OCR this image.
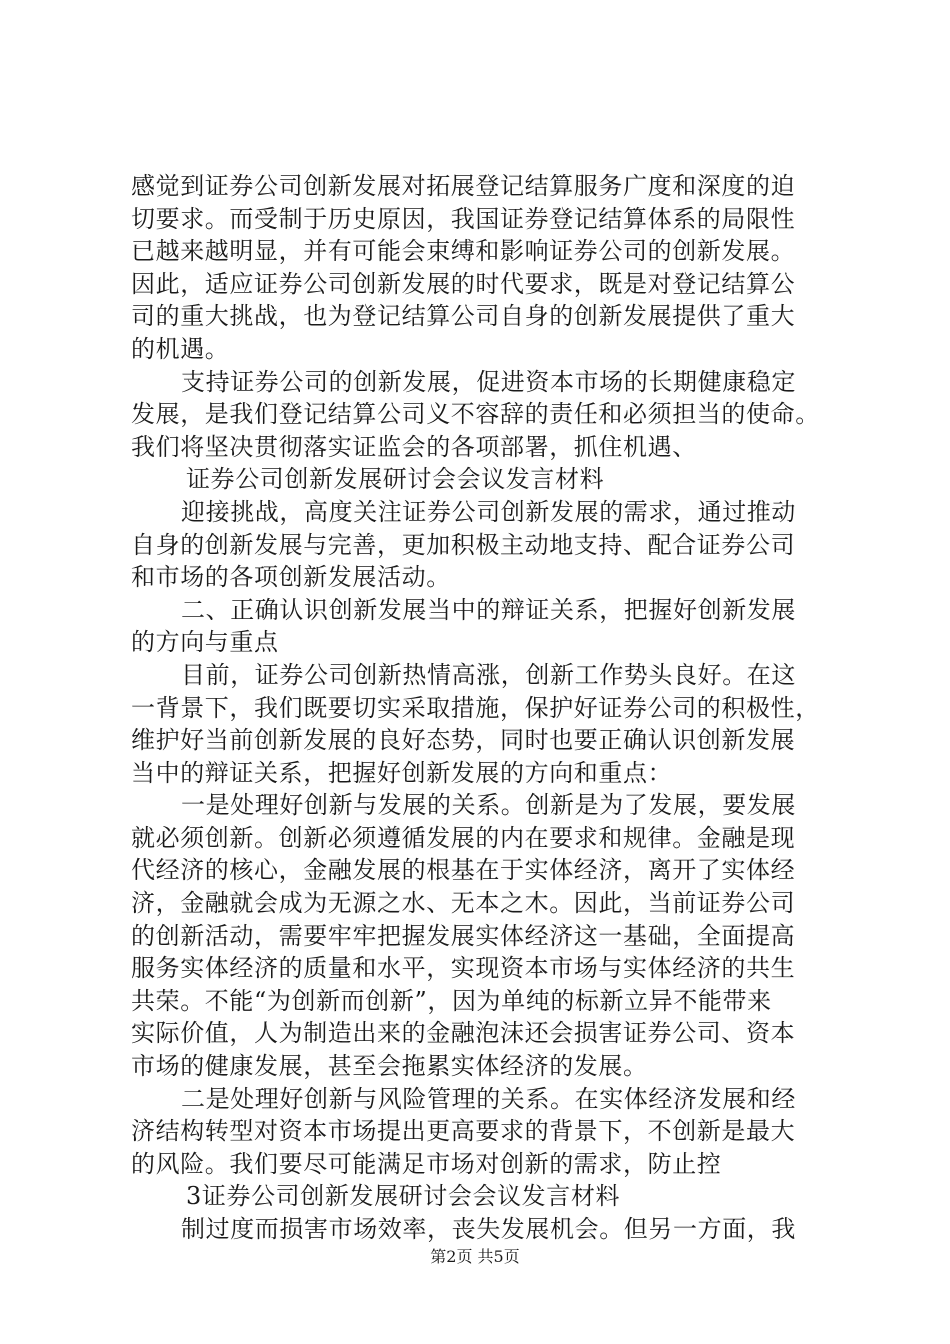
感觉到证券公司创新发展对拓展登记结算服务广度和深度的迫
切要求。而受制于历史原因，我国证券登记结算体系的局限性
已越来越明显，并有可能会束缚和影响证券公司的创新发展。
因此，适应证券公司创新发展的时代要求，既是对登记结算公
司的重大挑战，也为登记结算公司自身的创新发展提供了重大
的机遇。
支持证券公司的创新发展，促进资本市场的长期健康稳定
发展，是我们登记结算公司义不容辞的责任和必须担当的使命。
我们将坚决贯彻落实证监会的各项部署，抓住机遇、
证券公司创新发展研讨会会议发言材料
迎接挑战，高度关注证券公司创新发展的需求，通过推动
自身的创新发展与完善，更加积极主动地支持、配合证券公司
和市场的各项创新发展活动。
二、正确认识创新发展当中的辩证关系，把握好创新发展
的方向与重点
目前，证券公司创新热情高涨，创新工作势头良好。在这
一背景下，我们既要切实采取措施，保护好证券公司的积极性，
维护好当前创新发展的良好态势，同时也要正确认识创新发展
当中的辩证关系，把握好创新发展的方向和重点：
一是处理好创新与发展的关系。创新是为了发展，要发展
就必须创新。创新必须遵循发展的内在要求和规律。金融是现
代经济的核心，金融发展的根基在于实体经济，离开了实体经
济，金融就会成为无源之水、无本之木。因此，当前证券公司
的创新活动，需要牢牢把握发展实体经济这一基础，全面提高
服务实体经济的质量和水平，实现资本市场与实体经济的共生
共荣。不能“为创新而创新”，因为单纯的标新立异不能带来
实际价值，人为制造出来的金融泡沫还会损害证券公司、资本
市场的健康发展，甚至会拖累实体经济的发展。
二是处理好创新与风险管理的关系。在实体经济发展和经
济结构转型对资本市场提出更高要求的背景下，不创新是最大
的风险。我们要尽可能满足市场对创新的需求，防止控
3证券公司创新发展研讨会会议发言材料
制过度而损害市场效率，丧失发展机会。但另一方面，我
第2页 共5页
